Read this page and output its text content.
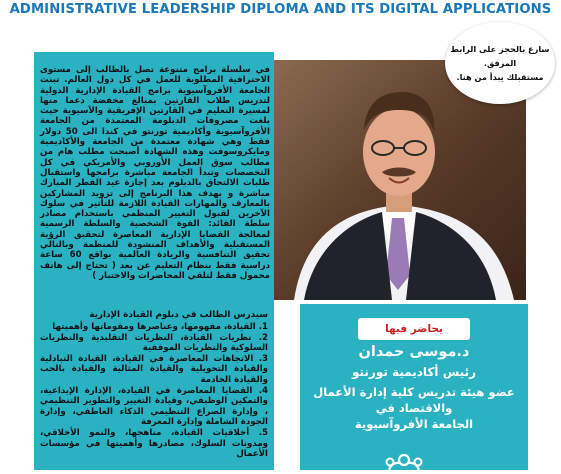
ADMINISTRATIVE LEADERSHIP DIPLOMA AND ITS DIGITAL APPLICATIONS
في سلسلة برامج متنوعة تصل بالطالب إلى مستوى الاحترافية المطلوبة للعمل في كل دول العالم. تبنت الجامعة الأفروآسيوية برامج القيادة الإدارية الدولية لتدريس طلاب القارتين بمبالغ مخفضة دعما منها لمسيرة التعليم في القارتين الإفريقية والآسيوية حيث بلغت مصروفات الدبلومة المعتمدة من الجامعة الأفروآسيوية وأكاديمية تورنتو في كندا الى 50 دولار فقط وهي شهادة معتمدة من الجامعة والأكاديمية ومايكروسوفت وهذه الشهادة أصبحت مطلب هام من مطالب سوق العمل الأوروبي والأمريكي في كل التخصصات وتبدأ الجامعة مباشرة برامجها واستقبال طلبات الالتحاق بالدبلوم بعد إجازة عيد الفطر المبارك مباشرة و يهدف هذا البرنامج إلى تزويد المشاركين بالمعارف والمهارات القيادة اللازمة للتأثير في سلوك الآخرين لقبول التغيير المنظمي باستخدام مصادر سلطة القائد: القوة الشخصية والسلطة الرسمية لمعالجة القضايا الإدارية المعاصرة لتحقيق الرؤية المستقبلية والأهداف المنشودة للمنظمة وبالتالي تحقيق التنافسية والريادة العالمية بواقع 60 ساعة دراسية فقط بنظام التعليم عن بعد ( تحتاج إلى هاتف محمول فقط لتلقي المحاضرات والاختبار )
سارع بالحجز على الرابط المرفق.
مستقبلك يبدأ من هنا.
سيدرس الطالب في دبلوم القيادة الإدارية
1. القيادة، مفهومها، وعناصرها ومقوماتها وأهميتها
2. نظريات القيادة، النظريات التقليدية والنظريات السلوكية والنظريات الموقفية
3. الاتجاهات المعاصرة في القيادة، القيادة التبادلية والقيادة التحويلية والقيادة المثالية والقيادة بالحب والقيادة الخادمة
4. القضايا المعاصرة في القيادة، الإدارة الإبداعية، والتمكين الوظيفي، وقيادة التغيير والتطوير التنظيمي ، وإدارة الصراع التنظيمي الذكاء العاطفي، وإدارة الجودة الشاملة وإدارة المعرفة
5. أخلاقيات القيادة، مناهجها، والنمو الأخلاقي، ومدونات السلوك، مصادرها وأهميتها في مؤسسات الأعمال
يحاضر فيها
د.موسى حمدان
رئيس أكاديمية تورنتو
عضو هيئة تدريس كلية إدارة الأعمال
والاقتصاد في
الجامعة الأفروآسيوية
